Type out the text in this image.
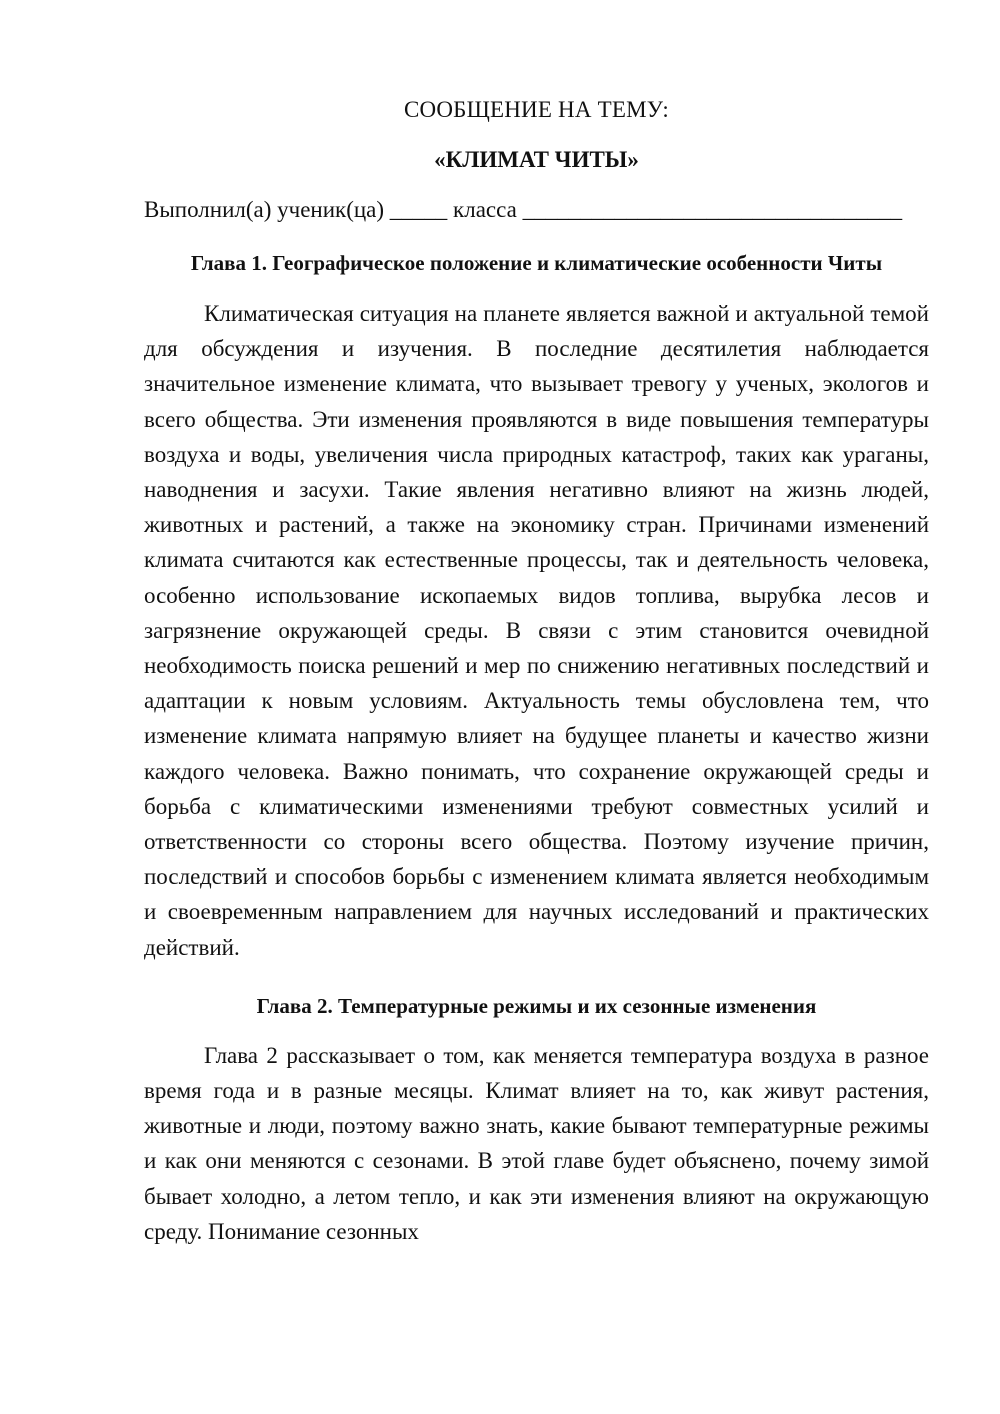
СООБЩЕНИЕ НА ТЕМУ:
«КЛИМАТ ЧИТЫ»

Выполнил(а) ученик(ца) _____ класса _________________________________

Глава 1. Географическое положение и климатические особенности Читы

Климатическая ситуация на планете является важной и актуальной темой для обсуждения и изучения. В последние десятилетия наблюдается значительное изменение климата, что вызывает тревогу у ученых, экологов и всего общества. Эти изменения проявляются в виде повышения температуры воздуха и воды, увеличения числа природных катастроф, таких как ураганы, наводнения и засухи. Такие явления негативно влияют на жизнь людей, животных и растений, а также на экономику стран. Причинами изменений климата считаются как естественные процессы, так и деятельность человека, особенно использование ископаемых видов топлива, вырубка лесов и загрязнение окружающей среды. В связи с этим становится очевидной необходимость поиска решений и мер по снижению негативных последствий и адаптации к новым условиям. Актуальность темы обусловлена тем, что изменение климата напрямую влияет на будущее планеты и качество жизни каждого человека. Важно понимать, что сохранение окружающей среды и борьба с климатическими изменениями требуют совместных усилий и ответственности со стороны всего общества. Поэтому изучение причин, последствий и способов борьбы с изменением климата является необходимым и своевременным направлением для научных исследований и практических действий.

Глава 2. Температурные режимы и их сезонные изменения

Глава 2 рассказывает о том, как меняется температура воздуха в разное время года и в разные месяцы. Климат влияет на то, как живут растения, животные и люди, поэтому важно знать, какие бывают температурные режимы и как они меняются с сезонами. В этой главе будет объяснено, почему зимой бывает холодно, а летом тепло, и как эти изменения влияют на окружающую среду. Понимание сезонных
